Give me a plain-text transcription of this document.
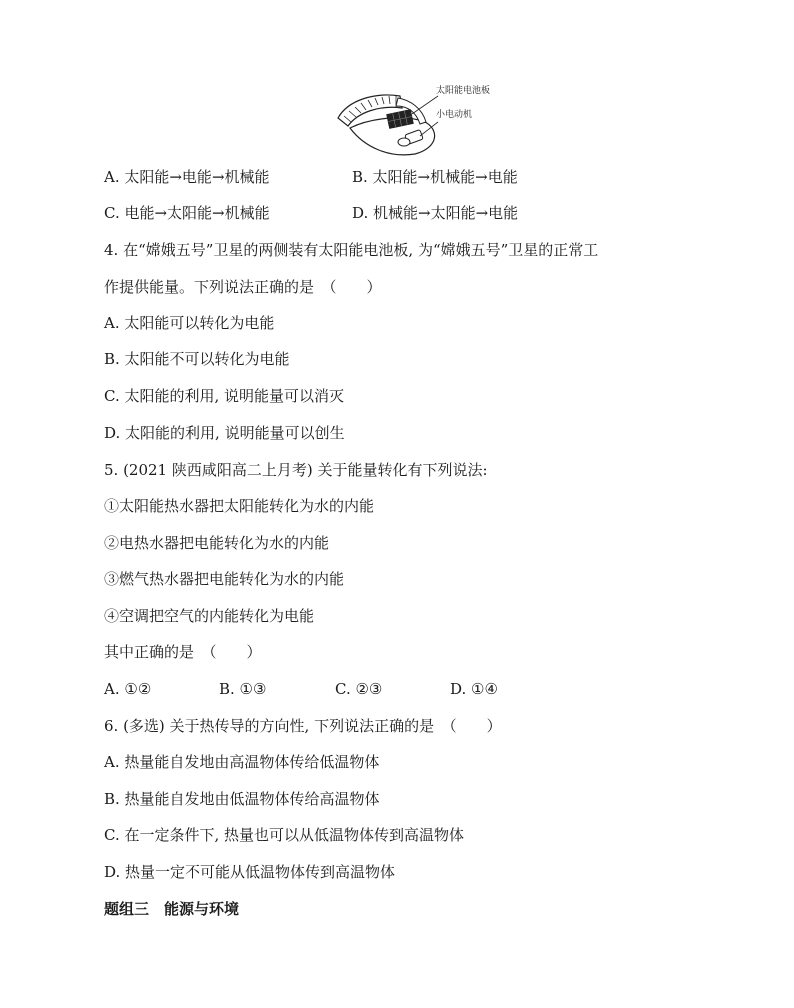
太阳能电池板
小电动机
A. 太阳能→电能→机械能	B. 太阳能→机械能→电能
C. 电能→太阳能→机械能	D. 机械能→太阳能→电能
4. 在“嫦娥五号”卫星的两侧装有太阳能电池板, 为“嫦娥五号”卫星的正常工
作提供能量。下列说法正确的是　（　　）
A. 太阳能可以转化为电能
B. 太阳能不可以转化为电能
C. 太阳能的利用, 说明能量可以消灭
D. 太阳能的利用, 说明能量可以创生
5. (2021 陕西咸阳高二上月考) 关于能量转化有下列说法:
①太阳能热水器把太阳能转化为水的内能
②电热水器把电能转化为水的内能
③燃气热水器把电能转化为水的内能
④空调把空气的内能转化为电能
其中正确的是　（　　）
A. ①②	B. ①③	C. ②③	D. ①④
6. (多选) 关于热传导的方向性, 下列说法正确的是　（　　）
A. 热量能自发地由高温物体传给低温物体
B. 热量能自发地由低温物体传给高温物体
C. 在一定条件下, 热量也可以从低温物体传到高温物体
D. 热量一定不可能从低温物体传到高温物体
题组三　能源与环境
